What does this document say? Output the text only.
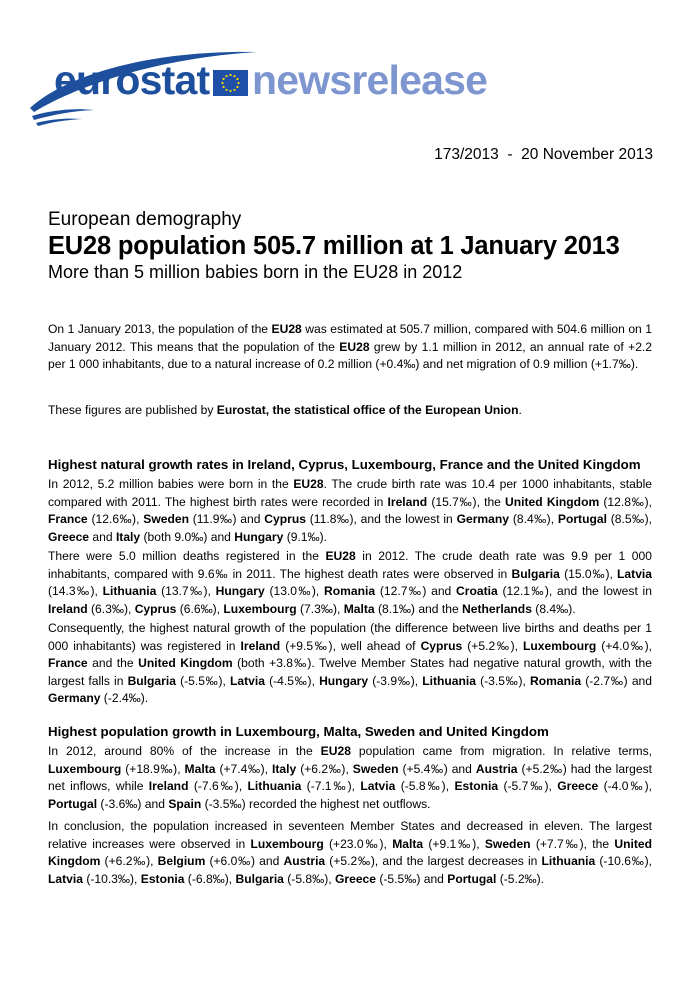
eurostat newsrelease
173/2013  -  20 November 2013
European demography
EU28 population 505.7 million at 1 January 2013
More than 5 million babies born in the EU28 in 2012

On 1 January 2013, the population of the EU28 was estimated at 505.7 million, compared with 504.6 million on 1 January 2012. This means that the population of the EU28 grew by 1.1 million in 2012, an annual rate of +2.2 per 1 000 inhabitants, due to a natural increase of 0.2 million (+0.4‰) and net migration of 0.9 million (+1.7‰).

These figures are published by Eurostat, the statistical office of the European Union.

Highest natural growth rates in Ireland, Cyprus, Luxembourg, France and the United Kingdom

In 2012, 5.2 million babies were born in the EU28. The crude birth rate was 10.4 per 1000 inhabitants, stable compared with 2011. The highest birth rates were recorded in Ireland (15.7‰), the United Kingdom (12.8‰), France (12.6‰), Sweden (11.9‰) and Cyprus (11.8‰), and the lowest in Germany (8.4‰), Portugal (8.5‰), Greece and Italy (both 9.0‰) and Hungary (9.1‰).

There were 5.0 million deaths registered in the EU28 in 2012. The crude death rate was 9.9 per 1 000 inhabitants, compared with 9.6‰ in 2011. The highest death rates were observed in Bulgaria (15.0‰), Latvia (14.3‰), Lithuania (13.7‰), Hungary (13.0‰), Romania (12.7‰) and Croatia (12.1‰), and the lowest in Ireland (6.3‰), Cyprus (6.6‰), Luxembourg (7.3‰), Malta (8.1‰) and the Netherlands (8.4‰).

Consequently, the highest natural growth of the population (the difference between live births and deaths per 1 000 inhabitants) was registered in Ireland (+9.5‰), well ahead of Cyprus (+5.2‰), Luxembourg (+4.0‰), France and the United Kingdom (both +3.8‰). Twelve Member States had negative natural growth, with the largest falls in Bulgaria (-5.5‰), Latvia (-4.5‰), Hungary (-3.9‰), Lithuania (-3.5‰), Romania (-2.7‰) and Germany (-2.4‰).

Highest population growth in Luxembourg, Malta, Sweden and United Kingdom

In 2012, around 80% of the increase in the EU28 population came from migration. In relative terms, Luxembourg (+18.9‰), Malta (+7.4‰), Italy (+6.2‰), Sweden (+5.4‰) and Austria (+5.2‰) had the largest net inflows, while Ireland (-7.6‰), Lithuania (-7.1‰), Latvia (-5.8‰), Estonia (-5.7‰), Greece (-4.0‰), Portugal (-3.6‰) and Spain (-3.5‰) recorded the highest net outflows.

In conclusion, the population increased in seventeen Member States and decreased in eleven. The largest relative increases were observed in Luxembourg (+23.0‰), Malta (+9.1‰), Sweden (+7.7‰), the United Kingdom (+6.2‰), Belgium (+6.0‰) and Austria (+5.2‰), and the largest decreases in Lithuania (-10.6‰), Latvia (-10.3‰), Estonia (-6.8‰), Bulgaria (-5.8‰), Greece (-5.5‰) and Portugal (-5.2‰).
